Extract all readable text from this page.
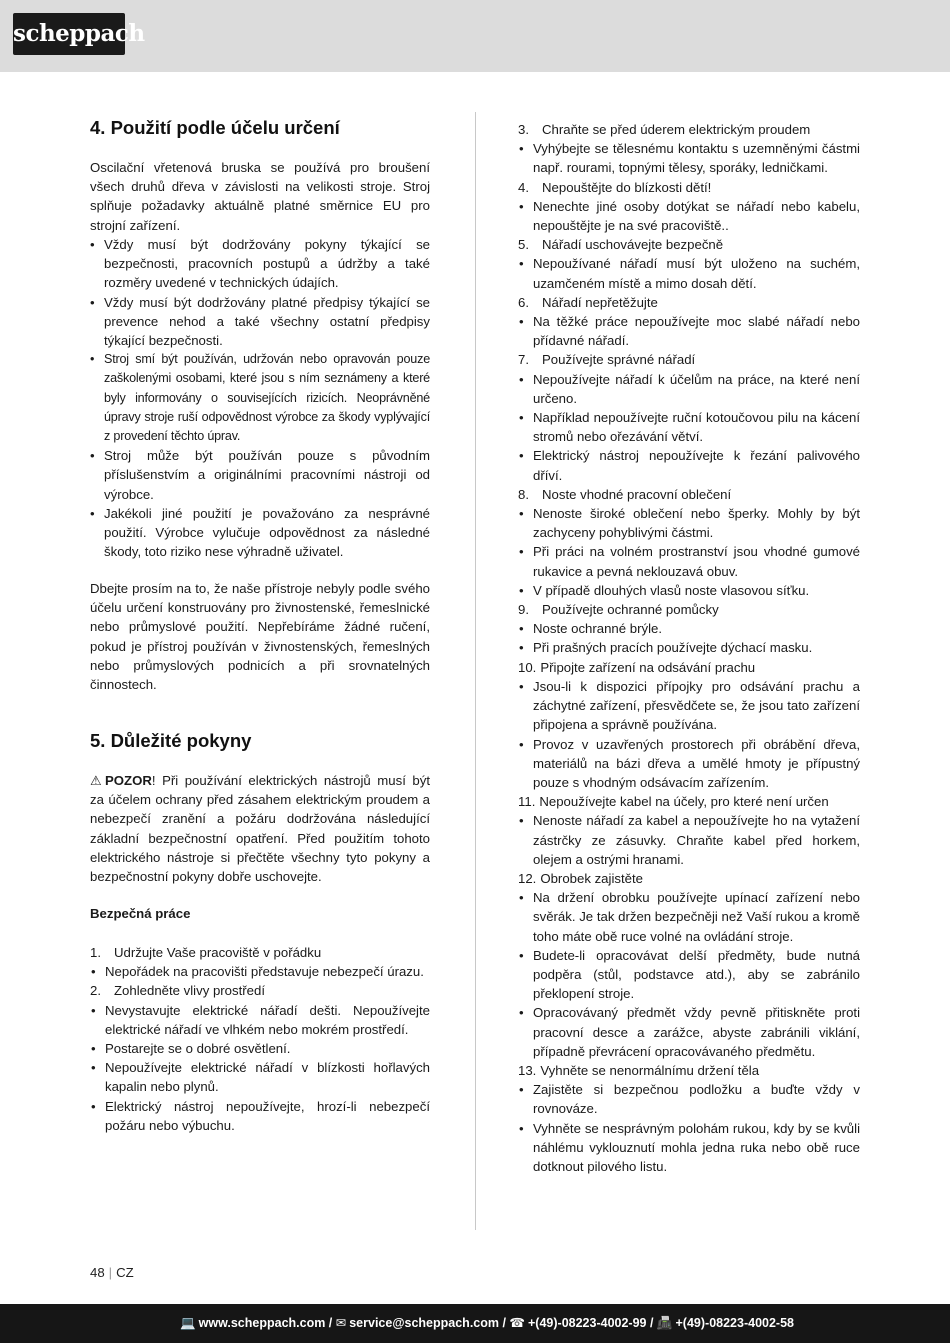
scheppach
4. Použití podle účelu určení

Oscilační vřetenová bruska se používá pro broušení všech druhů dřeva v závislosti na velikosti stroje. Stroj splňuje požadavky aktuálně platné směrnice EU pro strojní zařízení.

• Vždy musí být dodržovány pokyny týkající se bezpečnosti, pracovních postupů a údržby a také rozměry uvedené v technických údajích.
• Vždy musí být dodržovány platné předpisy týkající se prevence nehod a také všechny ostatní předpisy týkající bezpečnosti.
• Stroj smí být používán, udržován nebo opravován pouze zaškolenými osobami, které jsou s ním seznámeny a které byly informovány o souvisejících rizicích. Neoprávněné úpravy stroje ruší odpovědnost výrobce za škody vyplývající z provedení těchto úprav.
• Stroj může být používán pouze s původním příslušenstvím a originálními pracovními nástroji od výrobce.
• Jakékoli jiné použití je považováno za nesprávné použití. Výrobce vylučuje odpovědnost za následné škody, toto riziko nese výhradně uživatel.

Dbejte prosím na to, že naše přístroje nebyly podle svého účelu určení konstruovány pro živnostenské, řemeslnické nebo průmyslové použití. Nepřebíráme žádné ručení, pokud je přístroj používán v živnostenských, řemeslných nebo průmyslových podnicích a při srovnatelných činnostech.

5. Důležité pokyny

⚠ POZOR! Při používání elektrických nástrojů musí být za účelem ochrany před zásahem elektrickým proudem a nebezpečí zranění a požáru dodržována následující základní bezpečnostní opatření. Před použitím tohoto elektrického nástroje si přečtěte všechny tyto pokyny a bezpečnostní pokyny dobře uschovejte.

Bezpečná práce

1. Udržujte Vaše pracoviště v pořádku
• Nepořádek na pracovišti představuje nebezpečí úrazu.
2. Zohledněte vlivy prostředí
• Nevystavujte elektrické nářadí dešti. Nepoužívejte elektrické nářadí ve vlhkém nebo mokrém prostředí.
• Postarejte se o dobré osvětlení.
• Nepoužívejte elektrické nářadí v blízkosti hořlavých kapalin nebo plynů.
• Elektrický nástroj nepoužívejte, hrozí-li nebezpečí požáru nebo výbuchu.
3. Chraňte se před úderem elektrickým proudem
• Vyhýbejte se tělesnému kontaktu s uzemněnými částmi např. rourami, topnými tělesy, sporáky, ledničkami.
4. Nepouštějte do blízkosti dětí!
• Nenechte jiné osoby dotýkat se nářadí nebo kabelu, nepouštějte je na své pracoviště..
5. Nářadí uschovávejte bezpečně
• Nepoužívané nářadí musí být uloženo na suchém, uzamčeném místě a mimo dosah dětí.
6. Nářadí nepřetěžujte
• Na těžké práce nepoužívejte moc slabé nářadí nebo přídavné nářadí.
7. Používejte správné nářadí
• Nepoužívejte nářadí k účelům na práce, na které není určeno.
• Například nepoužívejte ruční kotoučovou pilu na kácení stromů nebo ořezávání větví.
• Elektrický nástroj nepoužívejte k řezání palivového dříví.
8. Noste vhodné pracovní oblečení
• Nenoste široké oblečení nebo šperky. Mohly by být zachyceny pohyblivými částmi.
• Při práci na volném prostranství jsou vhodné gumové rukavice a pevná neklouzavá obuv.
• V případě dlouhých vlasů noste vlasovou síťku.
9. Používejte ochranné pomůcky
• Noste ochranné brýle.
• Při prašných pracích používejte dýchací masku.
10. Připojte zařízení na odsávání prachu
• Jsou-li k dispozici přípojky pro odsávání prachu a záchytné zařízení, přesvědčete se, že jsou tato zařízení připojena a správně používána.
• Provoz v uzavřených prostorech při obrábění dřeva, materiálů na bázi dřeva a umělé hmoty je přípustný pouze s vhodným odsávacím zařízením.
11. Nepoužívejte kabel na účely, pro které není určen
• Nenoste nářadí za kabel a nepoužívejte ho na vytažení zástrčky ze zásuvky. Chraňte kabel před horkem, olejem a ostrými hranami.
12. Obrobek zajistěte
• Na držení obrobku používejte upínací zařízení nebo svěrák. Je tak držen bezpečněji než Vaší rukou a kromě toho máte obě ruce volné na ovládání stroje.
• Budete-li opracovávat delší předměty, bude nutná podpěra (stůl, podstavce atd.), aby se zabránilo překlopení stroje.
• Opracovávaný předmět vždy pevně přitiskněte proti pracovní desce a zarážce, abyste zabránili viklání, případně převrácení opracovávaného předmětu.
13. Vyhněte se nenormálnímu držení těla
• Zajistěte si bezpečnou podložku a buďte vždy v rovnováze.
• Vyhněte se nesprávným polohám rukou, kdy by se kvůli náhlému vyklouznutí mohla jedna ruka nebo obě ruce dotknout pilového listu.
48 | CZ
💻 www.scheppach.com / ✉ service@scheppach.com / ☎ +(49)-08223-4002-99 / 📠 +(49)-08223-4002-58
